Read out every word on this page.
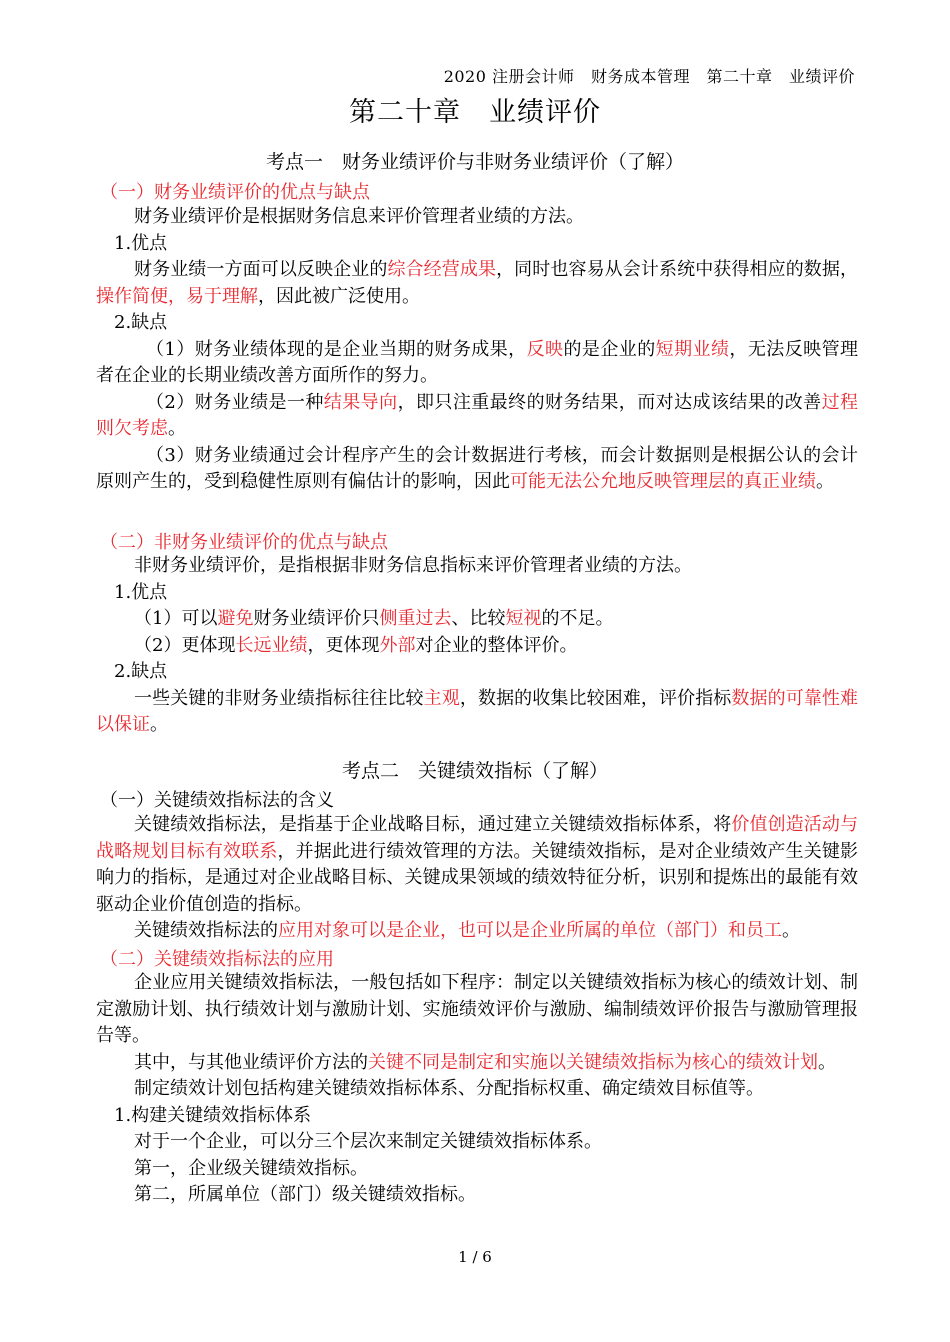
2020 注册会计师　财务成本管理　第二十章　业绩评价
第二十章　业绩评价
考点一　财务业绩评价与非财务业绩评价（了解）
（一）财务业绩评价的优点与缺点

财务业绩评价是根据财务信息来评价管理者业绩的方法。

1.优点

财务业绩一方面可以反映企业的综合经营成果，同时也容易从会计系统中获得相应的数据，操作简便，易于理解，因此被广泛使用。

2.缺点

（1）财务业绩体现的是企业当期的财务成果，反映的是企业的短期业绩，无法反映管理者在企业的长期业绩改善方面所作的努力。

（2）财务业绩是一种结果导向，即只注重最终的财务结果，而对达成该结果的改善过程则欠考虑。

（3）财务业绩通过会计程序产生的会计数据进行考核，而会计数据则是根据公认的会计原则产生的，受到稳健性原则有偏估计的影响，因此可能无法公允地反映管理层的真正业绩。

（二）非财务业绩评价的优点与缺点

非财务业绩评价，是指根据非财务信息指标来评价管理者业绩的方法。

1.优点

（1）可以避免财务业绩评价只侧重过去、比较短视的不足。

（2）更体现长远业绩，更体现外部对企业的整体评价。

2.缺点

一些关键的非财务业绩指标往往比较主观，数据的收集比较困难，评价指标数据的可靠性难以保证。

考点二　关键绩效指标（了解）
（一）关键绩效指标法的含义

关键绩效指标法，是指基于企业战略目标，通过建立关键绩效指标体系，将价值创造活动与战略规划目标有效联系，并据此进行绩效管理的方法。关键绩效指标，是对企业绩效产生关键影响力的指标，是通过对企业战略目标、关键成果领域的绩效特征分析，识别和提炼出的最能有效驱动企业价值创造的指标。

关键绩效指标法的应用对象可以是企业，也可以是企业所属的单位（部门）和员工。

（二）关键绩效指标法的应用

企业应用关键绩效指标法，一般包括如下程序：制定以关键绩效指标为核心的绩效计划、制定激励计划、执行绩效计划与激励计划、实施绩效评价与激励、编制绩效评价报告与激励管理报告等。

其中，与其他业绩评价方法的关键不同是制定和实施以关键绩效指标为核心的绩效计划。

制定绩效计划包括构建关键绩效指标体系、分配指标权重、确定绩效目标值等。

1.构建关键绩效指标体系

对于一个企业，可以分三个层次来制定关键绩效指标体系。

第一，企业级关键绩效指标。

第二，所属单位（部门）级关键绩效指标。

1 / 6
